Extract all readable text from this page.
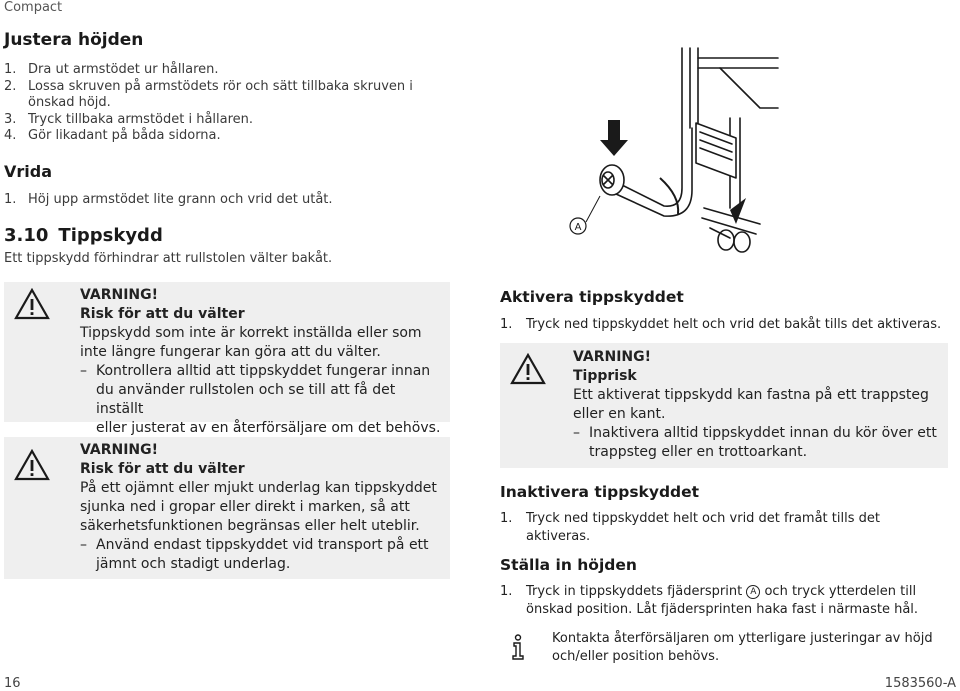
Compact
Justera höjden
1. Dra ut armstödet ur hållaren.
2. Lossa skruven på armstödets rör och sätt tillbaka skruven i
önskad höjd.
3. Tryck tillbaka armstödet i hållaren.
4. Gör likadant på båda sidorna.
Vrida
1. Höj upp armstödet lite grann och vrid det utåt.
3.10 Tippskydd
Ett tippskydd förhindrar att rullstolen välter bakåt.
VARNING!
Risk för att du välter
Tippskydd som inte är korrekt inställda eller som
inte längre fungerar kan göra att du välter.
– Kontrollera alltid att tippskyddet fungerar innan
du använder rullstolen och se till att få det inställt
eller justerat av en återförsäljare om det behövs.
VARNING!
Risk för att du välter
På ett ojämnt eller mjukt underlag kan tippskyddet
sjunka ned i gropar eller direkt i marken, så att
säkerhetsfunktionen begränsas eller helt uteblir.
– Använd endast tippskyddet vid transport på ett
jämnt och stadigt underlag.
A
Aktivera tippskyddet
1.	Tryck ned tippskyddet helt och vrid det bakåt tills det aktiveras.
VARNING!
Tipprisk
Ett aktiverat tippskydd kan fastna på ett trappsteg
eller en kant.
– Inaktivera alltid tippskyddet innan du kör över ett
trappsteg eller en trottoarkant.
Inaktivera tippskyddet
1.	Tryck ned tippskyddet helt och vrid det framåt tills det
aktiveras.
Ställa in höjden
1.	Tryck in tippskyddets fjädersprint A och tryck ytterdelen till
önskad position. Låt fjädersprinten haka fast i närmaste hål.
Kontakta återförsäljaren om ytterligare justeringar av höjd
och/eller position behövs.
16	1583560-A
